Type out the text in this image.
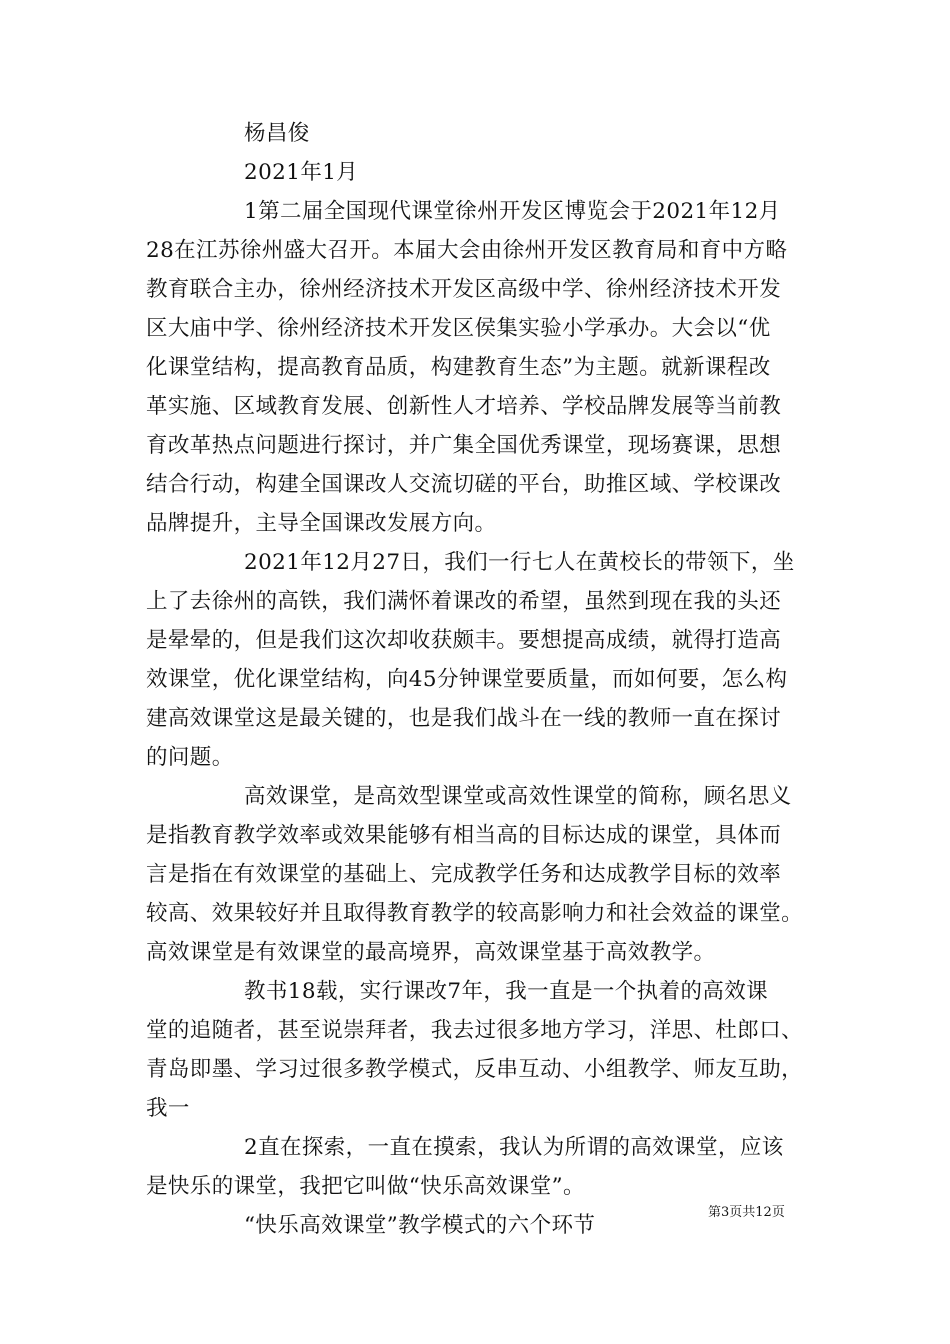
杨昌俊
2021年1月
1第二届全国现代课堂徐州开发区博览会于2021年12月
28在江苏徐州盛大召开。本届大会由徐州开发区教育局和育中方略
教育联合主办，徐州经济技术开发区高级中学、徐州经济技术开发
区大庙中学、徐州经济技术开发区侯集实验小学承办。大会以“优
化课堂结构，提高教育品质，构建教育生态”为主题。就新课程改
革实施、区域教育发展、创新性人才培养、学校品牌发展等当前教
育改革热点问题进行探讨，并广集全国优秀课堂，现场赛课，思想
结合行动，构建全国课改人交流切磋的平台，助推区域、学校课改
品牌提升，主导全国课改发展方向。
2021年12月27日，我们一行七人在黄校长的带领下，坐
上了去徐州的高铁，我们满怀着课改的希望，虽然到现在我的头还
是晕晕的，但是我们这次却收获颇丰。要想提高成绩，就得打造高
效课堂，优化课堂结构，向45分钟课堂要质量，而如何要，怎么构
建高效课堂这是最关键的，也是我们战斗在一线的教师一直在探讨
的问题。
高效课堂，是高效型课堂或高效性课堂的简称，顾名思义
是指教育教学效率或效果能够有相当高的目标达成的课堂，具体而
言是指在有效课堂的基础上、完成教学任务和达成教学目标的效率
较高、效果较好并且取得教育教学的较高影响力和社会效益的课堂。
高效课堂是有效课堂的最高境界，高效课堂基于高效教学。
教书18载，实行课改7年，我一直是一个执着的高效课
堂的追随者，甚至说崇拜者，我去过很多地方学习，洋思、杜郎口、
青岛即墨、学习过很多教学模式，反串互动、小组教学、师友互助，
我一
2直在探索，一直在摸索，我认为所谓的高效课堂，应该
是快乐的课堂，我把它叫做“快乐高效课堂”。
“快乐高效课堂”教学模式的六个环节
第3页共12页
